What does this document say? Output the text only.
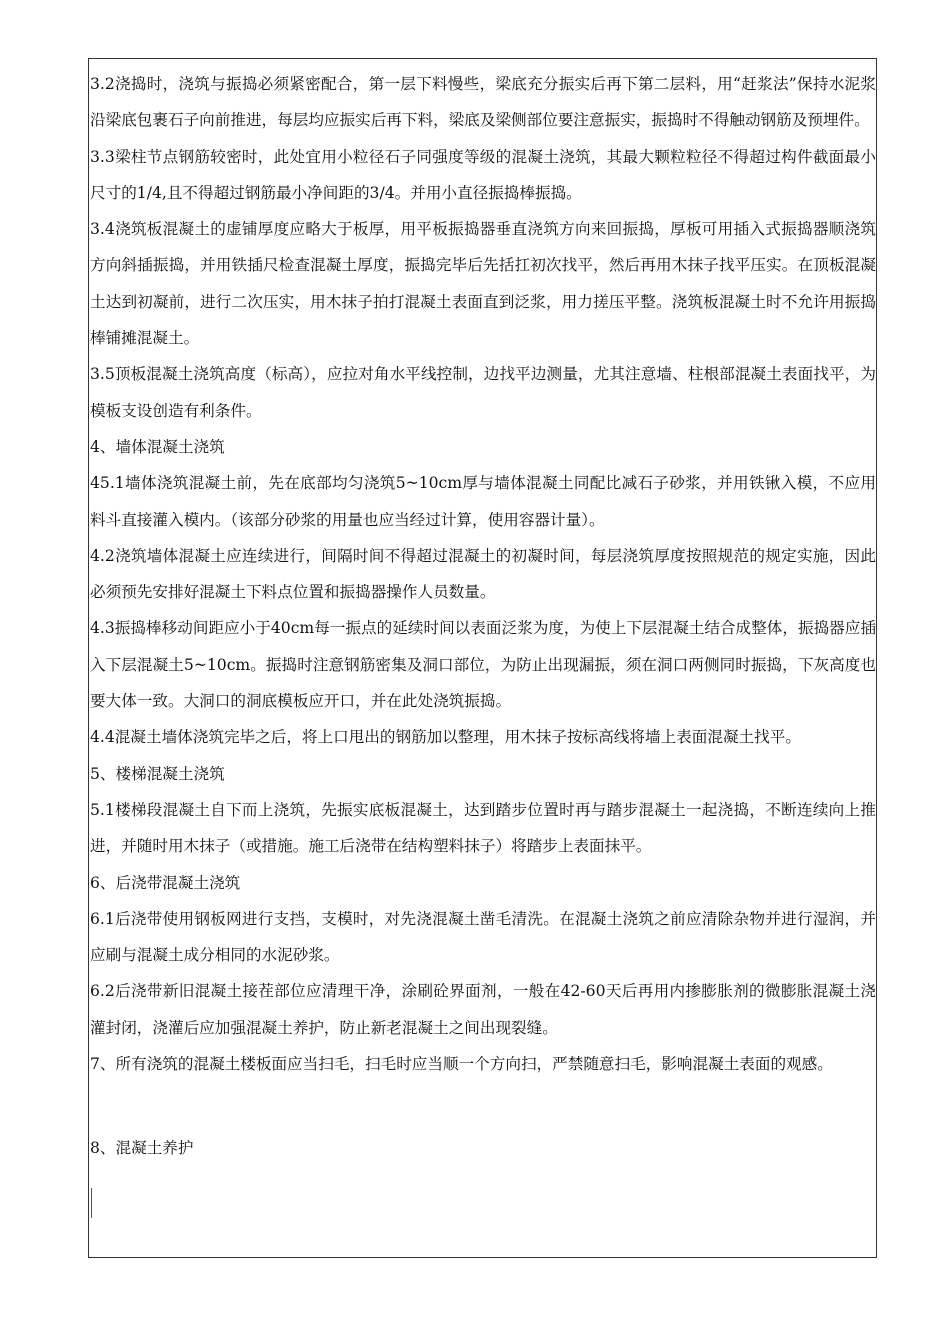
3.2浇捣时，浇筑与振捣必须紧密配合，第一层下料慢些，梁底充分振实后再下第二层料，用“赶浆法”保持水泥浆沿梁底包裹石子向前推进，每层均应振实后再下料，梁底及梁侧部位要注意振实，振捣时不得触动钢筋及预埋件。

3.3梁柱节点钢筋较密时，此处宜用小粒径石子同强度等级的混凝土浇筑，其最大颗粒粒径不得超过构件截面最小尺寸的1/4,且不得超过钢筋最小净间距的3/4。并用小直径振捣棒振捣。

3.4浇筑板混凝土的虚铺厚度应略大于板厚，用平板振捣器垂直浇筑方向来回振捣，厚板可用插入式振捣器顺浇筑方向斜插振捣，并用铁插尺检查混凝土厚度，振捣完毕后先括扛初次找平，然后再用木抹子找平压实。在顶板混凝土达到初凝前，进行二次压实，用木抹子拍打混凝土表面直到泛浆，用力搓压平整。浇筑板混凝土时不允许用振捣棒铺摊混凝土。

3.5顶板混凝土浇筑高度（标高），应拉对角水平线控制，边找平边测量，尤其注意墙、柱根部混凝土表面找平，为模板支设创造有利条件。

4、墙体混凝土浇筑

45.1墙体浇筑混凝土前，先在底部均匀浇筑5~10cm厚与墙体混凝土同配比减石子砂浆，并用铁锹入模，不应用料斗直接灌入模内。（该部分砂浆的用量也应当经过计算，使用容器计量）。

4.2浇筑墙体混凝土应连续进行，间隔时间不得超过混凝土的初凝时间，每层浇筑厚度按照规范的规定实施，因此必须预先安排好混凝土下料点位置和振捣器操作人员数量。

4.3振捣棒移动间距应小于40cm每一振点的延续时间以表面泛浆为度，为使上下层混凝土结合成整体，振捣器应插入下层混凝土5~10cm。振捣时注意钢筋密集及洞口部位，为防止出现漏振，须在洞口两侧同时振捣，下灰高度也要大体一致。大洞口的洞底模板应开口，并在此处浇筑振捣。

4.4混凝土墙体浇筑完毕之后，将上口甩出的钢筋加以整理，用木抹子按标高线将墙上表面混凝土找平。

5、楼梯混凝土浇筑

5.1楼梯段混凝土自下而上浇筑，先振实底板混凝土，达到踏步位置时再与踏步混凝土一起浇捣，不断连续向上推进，并随时用木抹子（或措施。施工后浇带在结构塑料抹子）将踏步上表面抹平。

6、后浇带混凝土浇筑

6.1后浇带使用钢板网进行支挡，支模时，对先浇混凝土凿毛清洗。在混凝土浇筑之前应清除杂物并进行湿润，并应刷与混凝土成分相同的水泥砂浆。

6.2后浇带新旧混凝土接茬部位应清理干净，涂刷砼界面剂，一般在42-60天后再用内掺膨胀剂的微膨胀混凝土浇灌封闭，浇灌后应加强混凝土养护，防止新老混凝土之间出现裂缝。

7、所有浇筑的混凝土楼板面应当扫毛，扫毛时应当顺一个方向扫，严禁随意扫毛，影响混凝土表面的观感。

8、混凝土养护
